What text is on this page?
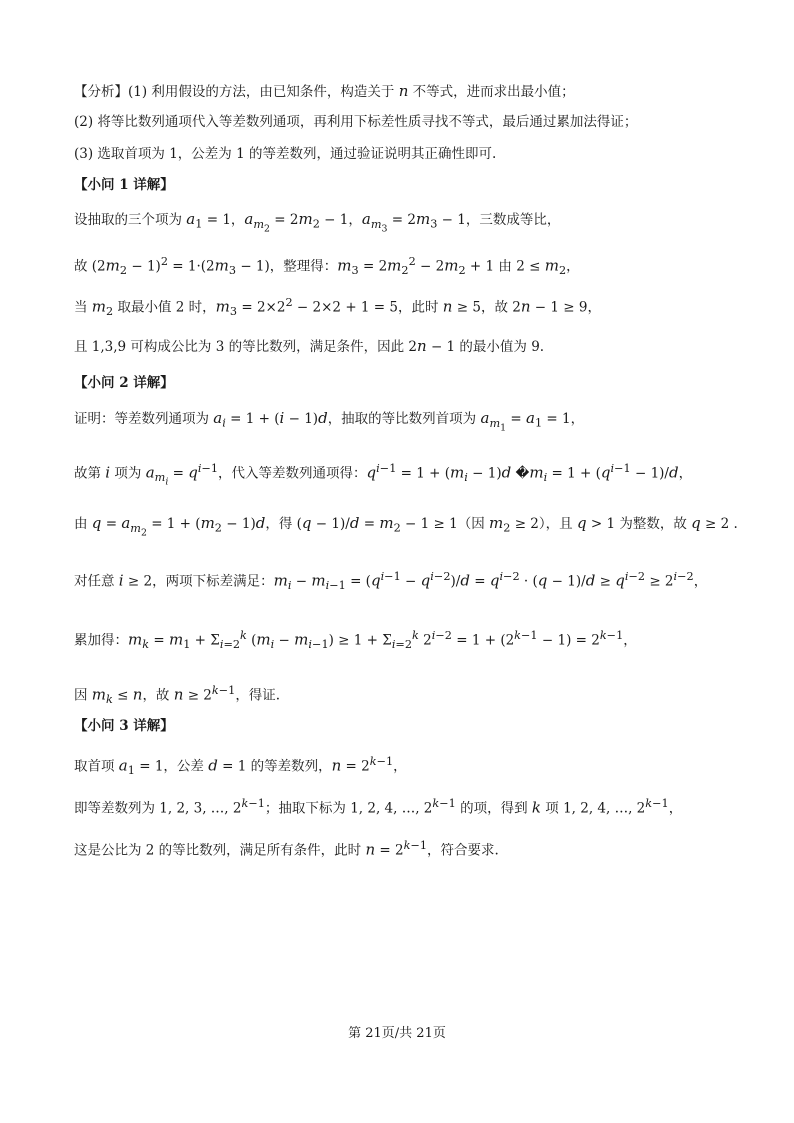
【分析】(1) 利用假设的方法，由已知条件，构造关于 n 不等式，进而求出最小值；
(2) 将等比数列通项代入等差数列通项，再利用下标差性质寻找不等式，最后通过累加法得证；
(3) 选取首项为 1，公差为 1 的等差数列，通过验证说明其正确性即可.
【小问 1 详解】
设抽取的三个项为 $a_1 = 1$，$a_{m_2} = 2m_2 - 1$，$a_{m_3} = 2m_3 - 1$，三数成等比，
故 $(2m_2 - 1)^2 = 1\cdot(2m_3 - 1)$，整理得：$m_3 = 2m_2^2 - 2m_2 + 1$ 由 $2 \le m_2$，
当 $m_2$ 取最小值 2 时，$m_3 = 2\times 2^2 - 2\times 2 + 1 = 5$，此时 n ≥ 5，故 2n − 1 ≥ 9，
且 1,3,9 可构成公比为 3 的等比数列，满足条件，因此 2n − 1 的最小值为 9.
【小问 2 详解】
证明：等差数列通项为 $a_i = 1 + (i - 1)d$，抽取的等比数列首项为 $a_{m_1} = a_1 = 1$，
故第 i 项为 $a_{m_i} = q^{i-1}$，代入等差数列通项得：$q^{i-1} = 1 + (m_i - 1)d$ $�m_i = 1 + (q^{i-1} - 1)/d$，
由 $q = a_{m_2} = 1 + (m_2 - 1)d$，得 $(q - 1)/d = m_2 - 1 \ge 1$（因 $m_2 \ge 2$），且 q > 1 为整数，故 q ≥ 2 .
对任意 i ≥ 2，两项下标差满足：$m_i - m_{i-1} = (q^{i-1} - q^{i-2})/d = q^{i-2} \cdot (q - 1)/d \ge q^{i-2} \ge 2^{i-2}$，
累加得：$m_k = m_1 + \Sigma_{i=2}^k$ $(m_i - m_{i-1}) \ge 1 + \Sigma_{i=2}^k$ $2^{i-2} = 1 + (2^{k-1} - 1) = 2^{k-1}$，
因 $m_k \le n$，故 $n \ge 2^{k-1}$，得证.
【小问 3 详解】
取首项 $a_1 = 1$，公差 d = 1 的等差数列，$n = 2^{k-1}$，
即等差数列为 1, 2, 3, …, $2^{k-1}$；抽取下标为 1, 2, 4, …, $2^{k-1}$ 的项，得到 k 项 1, 2, 4, …, $2^{k-1}$，
这是公比为 2 的等比数列，满足所有条件，此时 $n = 2^{k-1}$，符合要求.
第 21页/共 21页
